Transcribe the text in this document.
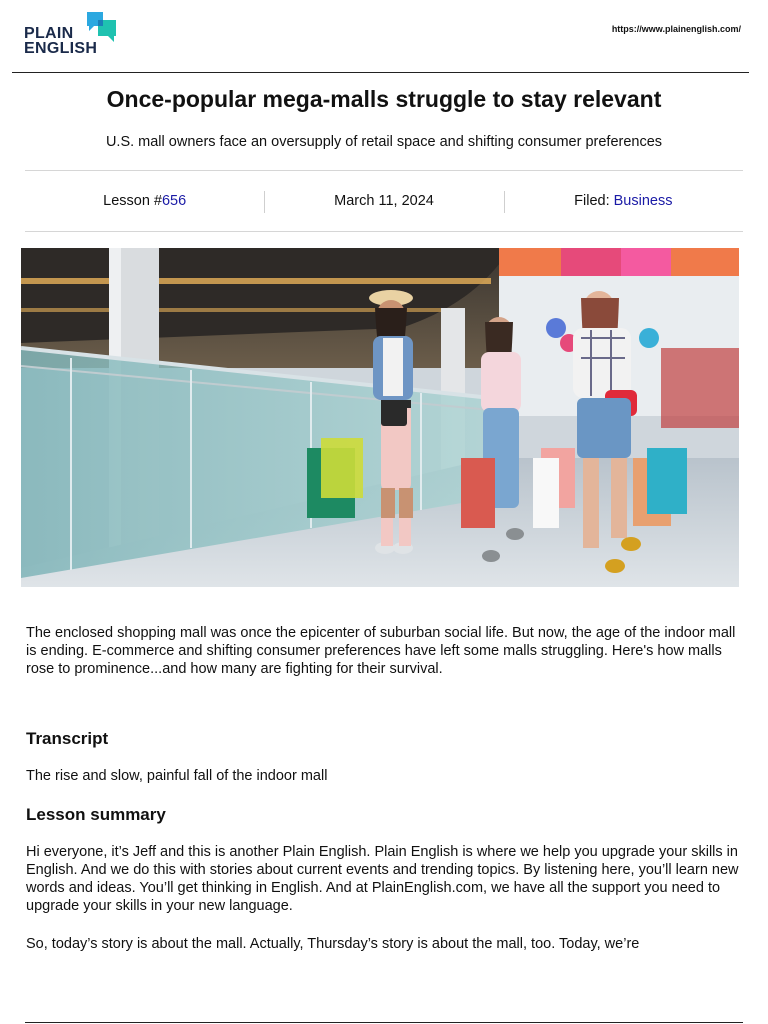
PLAIN
ENGLISH
https://www.plainenglish.com/
Once-popular mega-malls struggle to stay relevant
U.S. mall owners face an oversupply of retail space and shifting consumer preferences
Lesson #656	March 11, 2024	Filed: Business
The enclosed shopping mall was once the epicenter of suburban social life. But now, the age of the indoor mall is ending. E-commerce and shifting consumer preferences have left some malls struggling. Here's how malls rose to prominence...and how many are fighting for their survival.
Transcript
The rise and slow, painful fall of the indoor mall
Lesson summary
Hi everyone, it’s Jeff and this is another Plain English. Plain English is where we help you upgrade your skills in English. And we do this with stories about current events and trending topics. By listening here, you’ll learn new words and ideas. You’ll get thinking in English. And at PlainEnglish.com, we have all the support you need to upgrade your skills in your new language.
So, today’s story is about the mall. Actually, Thursday’s story is about the mall, too. Today, we’re
